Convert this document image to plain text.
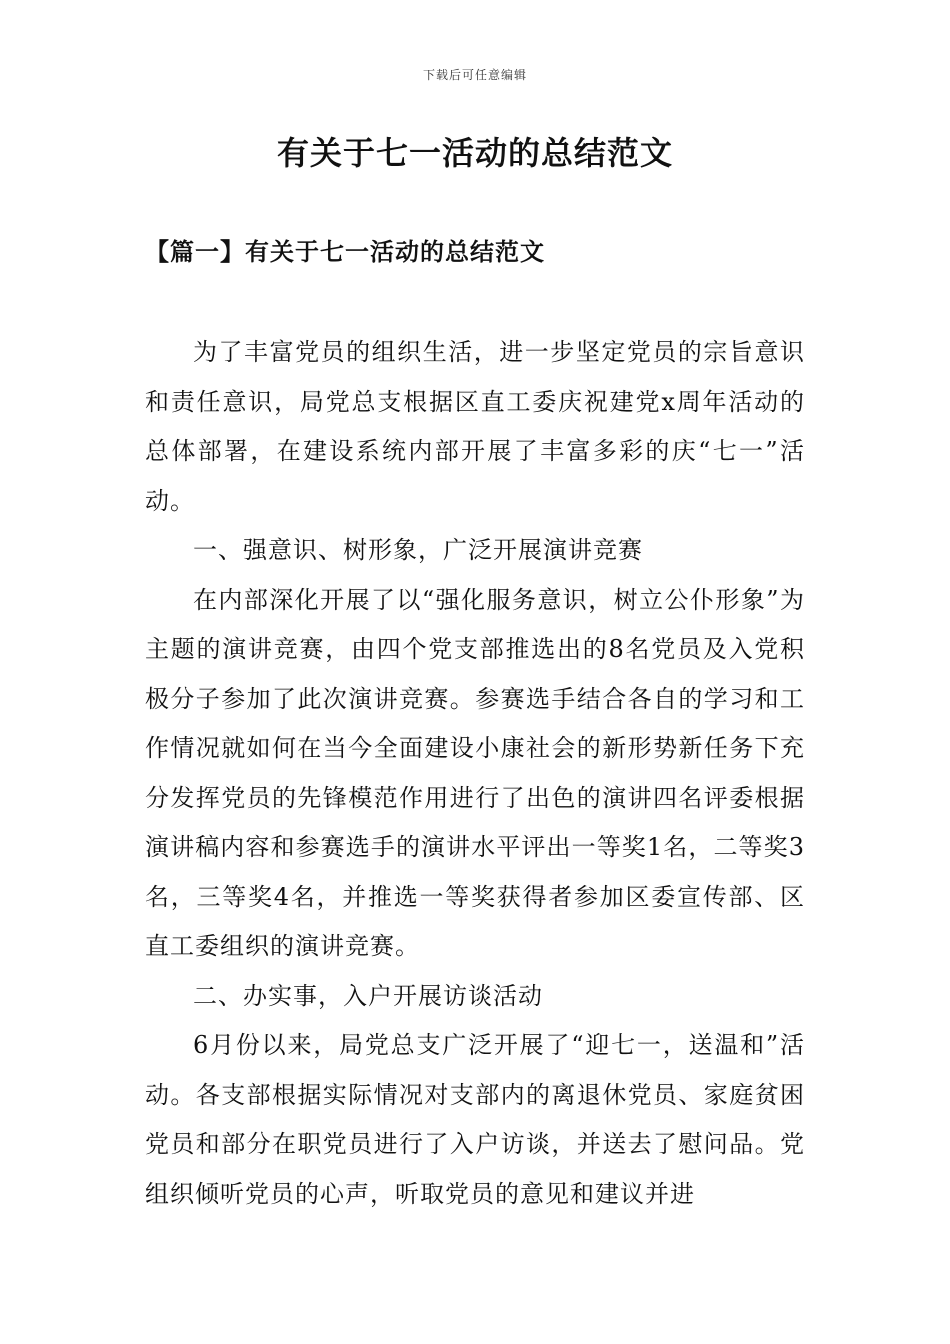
下载后可任意编辑
有关于七一活动的总结范文
【篇一】有关于七一活动的总结范文

为了丰富党员的组织生活，进一步坚定党员的宗旨意识和责任意识，局党总支根据区直工委庆祝建党x周年活动的总体部署，在建设系统内部开展了丰富多彩的庆“七一”活动。

一、强意识、树形象，广泛开展演讲竞赛

在内部深化开展了以“强化服务意识，树立公仆形象”为主题的演讲竞赛，由四个党支部推选出的8名党员及入党积极分子参加了此次演讲竞赛。参赛选手结合各自的学习和工作情况就如何在当今全面建设小康社会的新形势新任务下充分发挥党员的先锋模范作用进行了出色的演讲四名评委根据演讲稿内容和参赛选手的演讲水平评出一等奖1名，二等奖3名，三等奖4名，并推选一等奖获得者参加区委宣传部、区直工委组织的演讲竞赛。

二、办实事，入户开展访谈活动

6月份以来，局党总支广泛开展了“迎七一，送温和”活动。各支部根据实际情况对支部内的离退休党员、家庭贫困党员和部分在职党员进行了入户访谈，并送去了慰问品。党组织倾听党员的心声，听取党员的意见和建议并进
